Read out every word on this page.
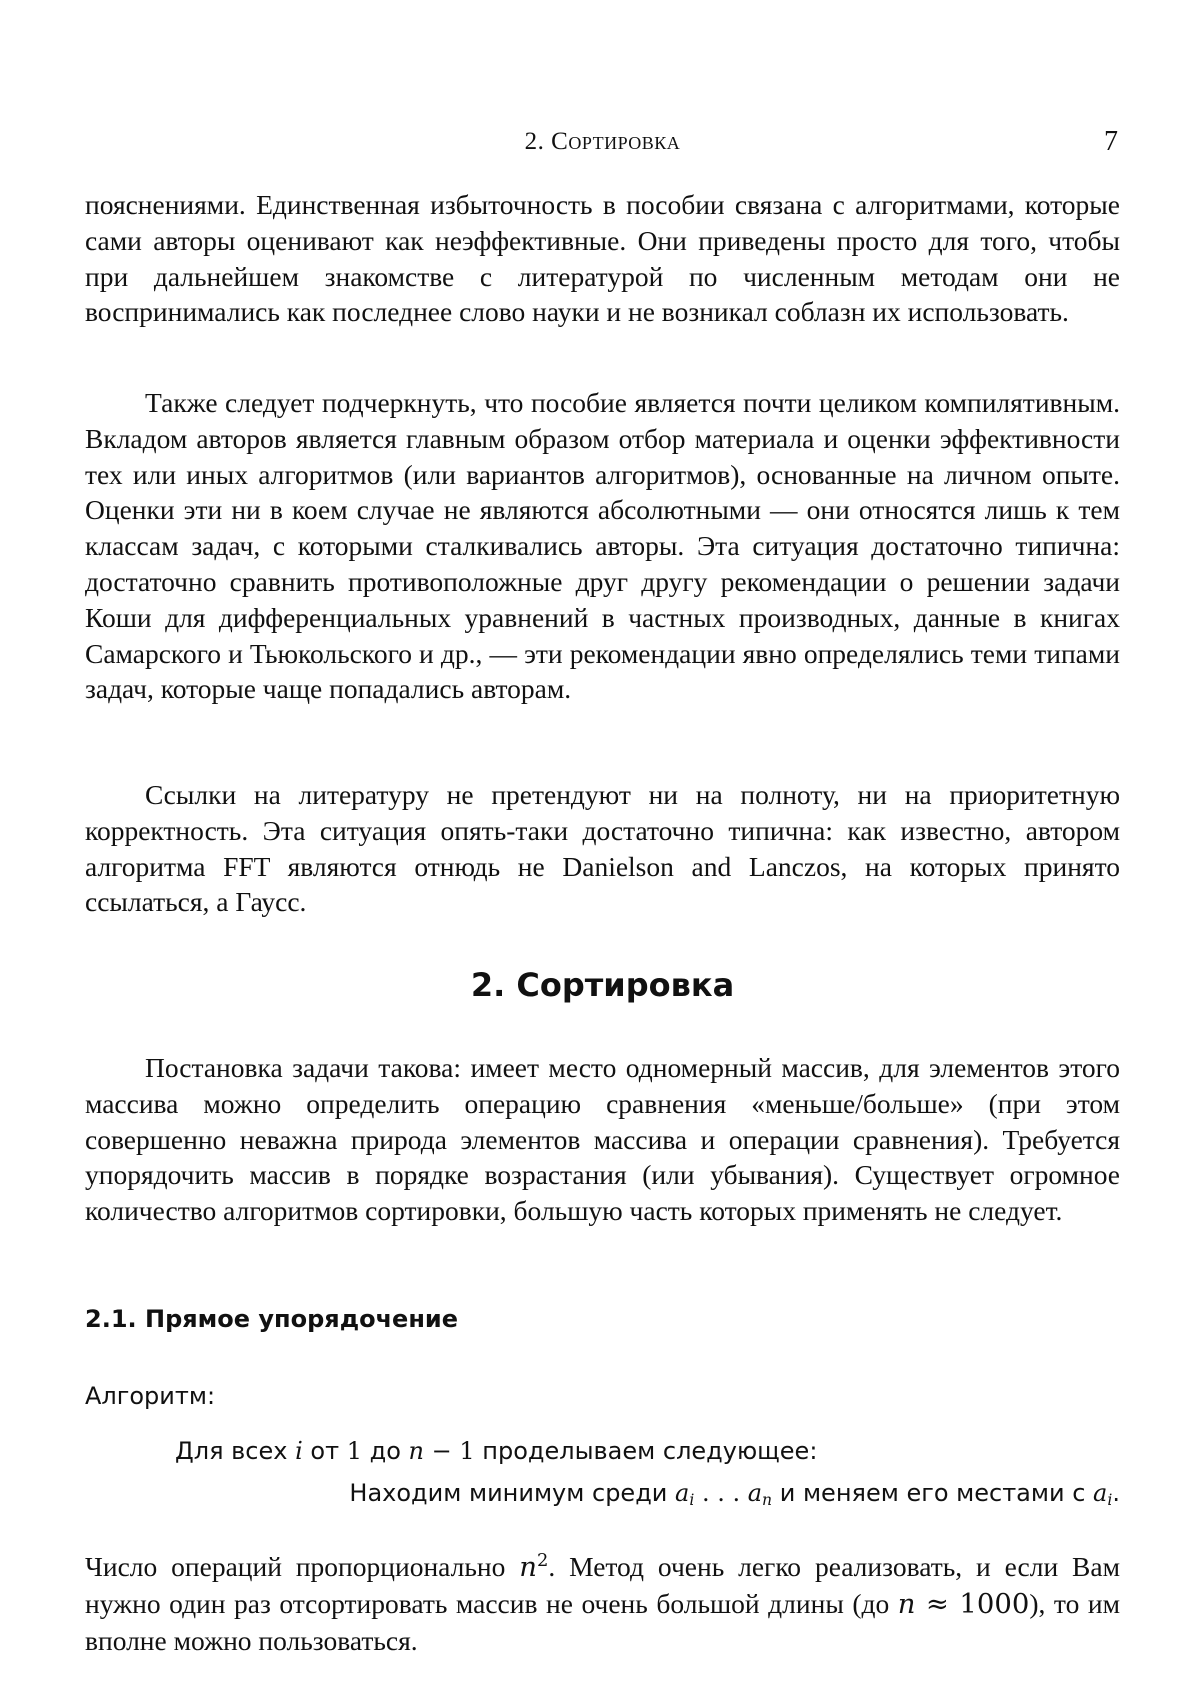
2. Сортировка	7

пояснениями. Единственная избыточность в пособии связана с алгоритмами, которые сами авторы оценивают как неэффективные. Они приведены просто для того, чтобы при дальнейшем знакомстве с литературой по численным методам они не воспринимались как последнее слово науки и не возникал соблазн их использовать.

Также следует подчеркнуть, что пособие является почти целиком компилятивным. Вкладом авторов является главным образом отбор материала и оценки эффективности тех или иных алгоритмов (или вариантов алгоритмов), основанные на личном опыте. Оценки эти ни в коем случае не являются абсолютными — они относятся лишь к тем классам задач, с которыми сталкивались авторы. Эта ситуация достаточно типична: достаточно сравнить противоположные друг другу рекомендации о решении задачи Коши для дифференциальных уравнений в частных производных, данные в книгах Самарского и Тьюкольского и др., — эти рекомендации явно определялись теми типами задач, которые чаще попадались авторам.

Ссылки на литературу не претендуют ни на полноту, ни на приоритетную корректность. Эта ситуация опять-таки достаточно типична: как известно, автором алгоритма FFT являются отнюдь не Danielson and Lanczos, на которых принято ссылаться, а Гаусс.

2. Сортировка

Постановка задачи такова: имеет место одномерный массив, для элементов этого массива можно определить операцию сравнения «меньше/больше» (при этом совершенно неважна природа элементов массива и операции сравнения). Требуется упорядочить массив в порядке возрастания (или убывания). Существует огромное количество алгоритмов сортировки, большую часть которых применять не следует.

2.1. Прямое упорядочение
Алгоритм:
Для всех i от 1 до n − 1 проделываем следующее:
Находим минимум среди $a_i$ . . . $a_n$ и меняем его местами с $a_i$.

Число операций пропорционально $n^2$. Метод очень легко реализовать, и если Вам нужно один раз отсортировать массив не очень большой длины (до n ≈ 1000), то им вполне можно пользоваться.
